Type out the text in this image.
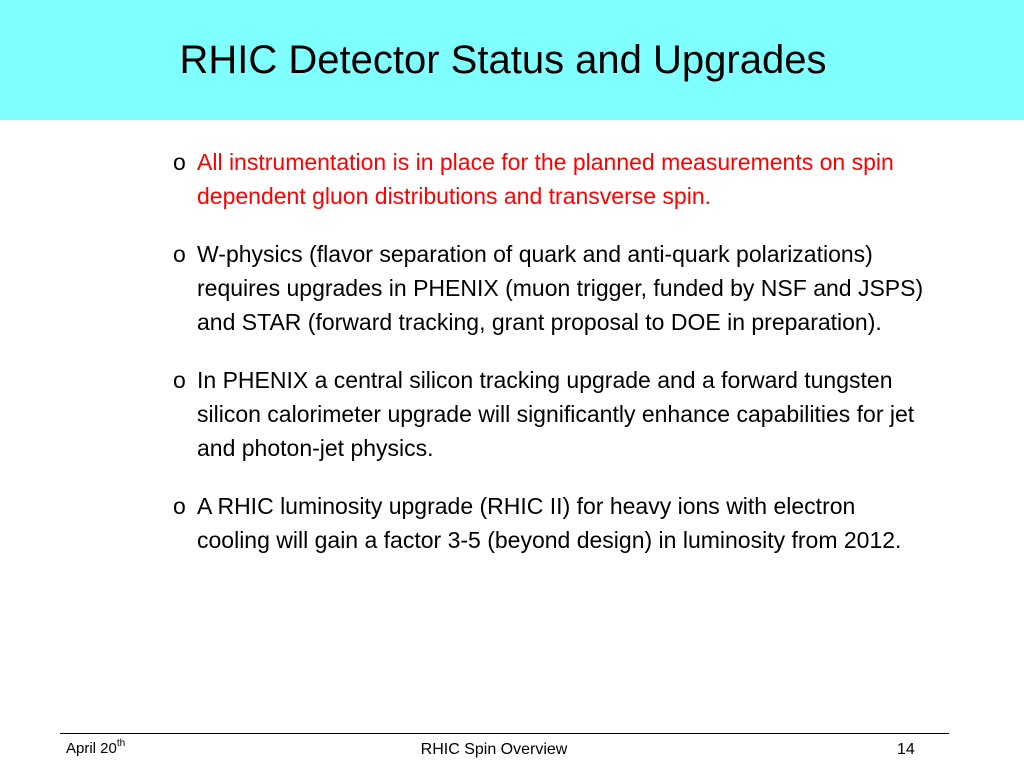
RHIC Detector Status and Upgrades
o All instrumentation is in place for the planned measurements on spin dependent gluon distributions and transverse spin.
o W-physics (flavor separation of quark and anti-quark polarizations) requires upgrades in PHENIX (muon trigger, funded by NSF and JSPS) and STAR (forward tracking, grant proposal to DOE in preparation).
o In PHENIX a central silicon tracking upgrade and a forward tungsten silicon calorimeter upgrade will significantly enhance capabilities for jet and photon-jet physics.
o A RHIC luminosity upgrade (RHIC II) for heavy ions with electron cooling will gain a factor 3-5 (beyond design) in luminosity from 2012.
April 20th	RHIC Spin Overview	14
